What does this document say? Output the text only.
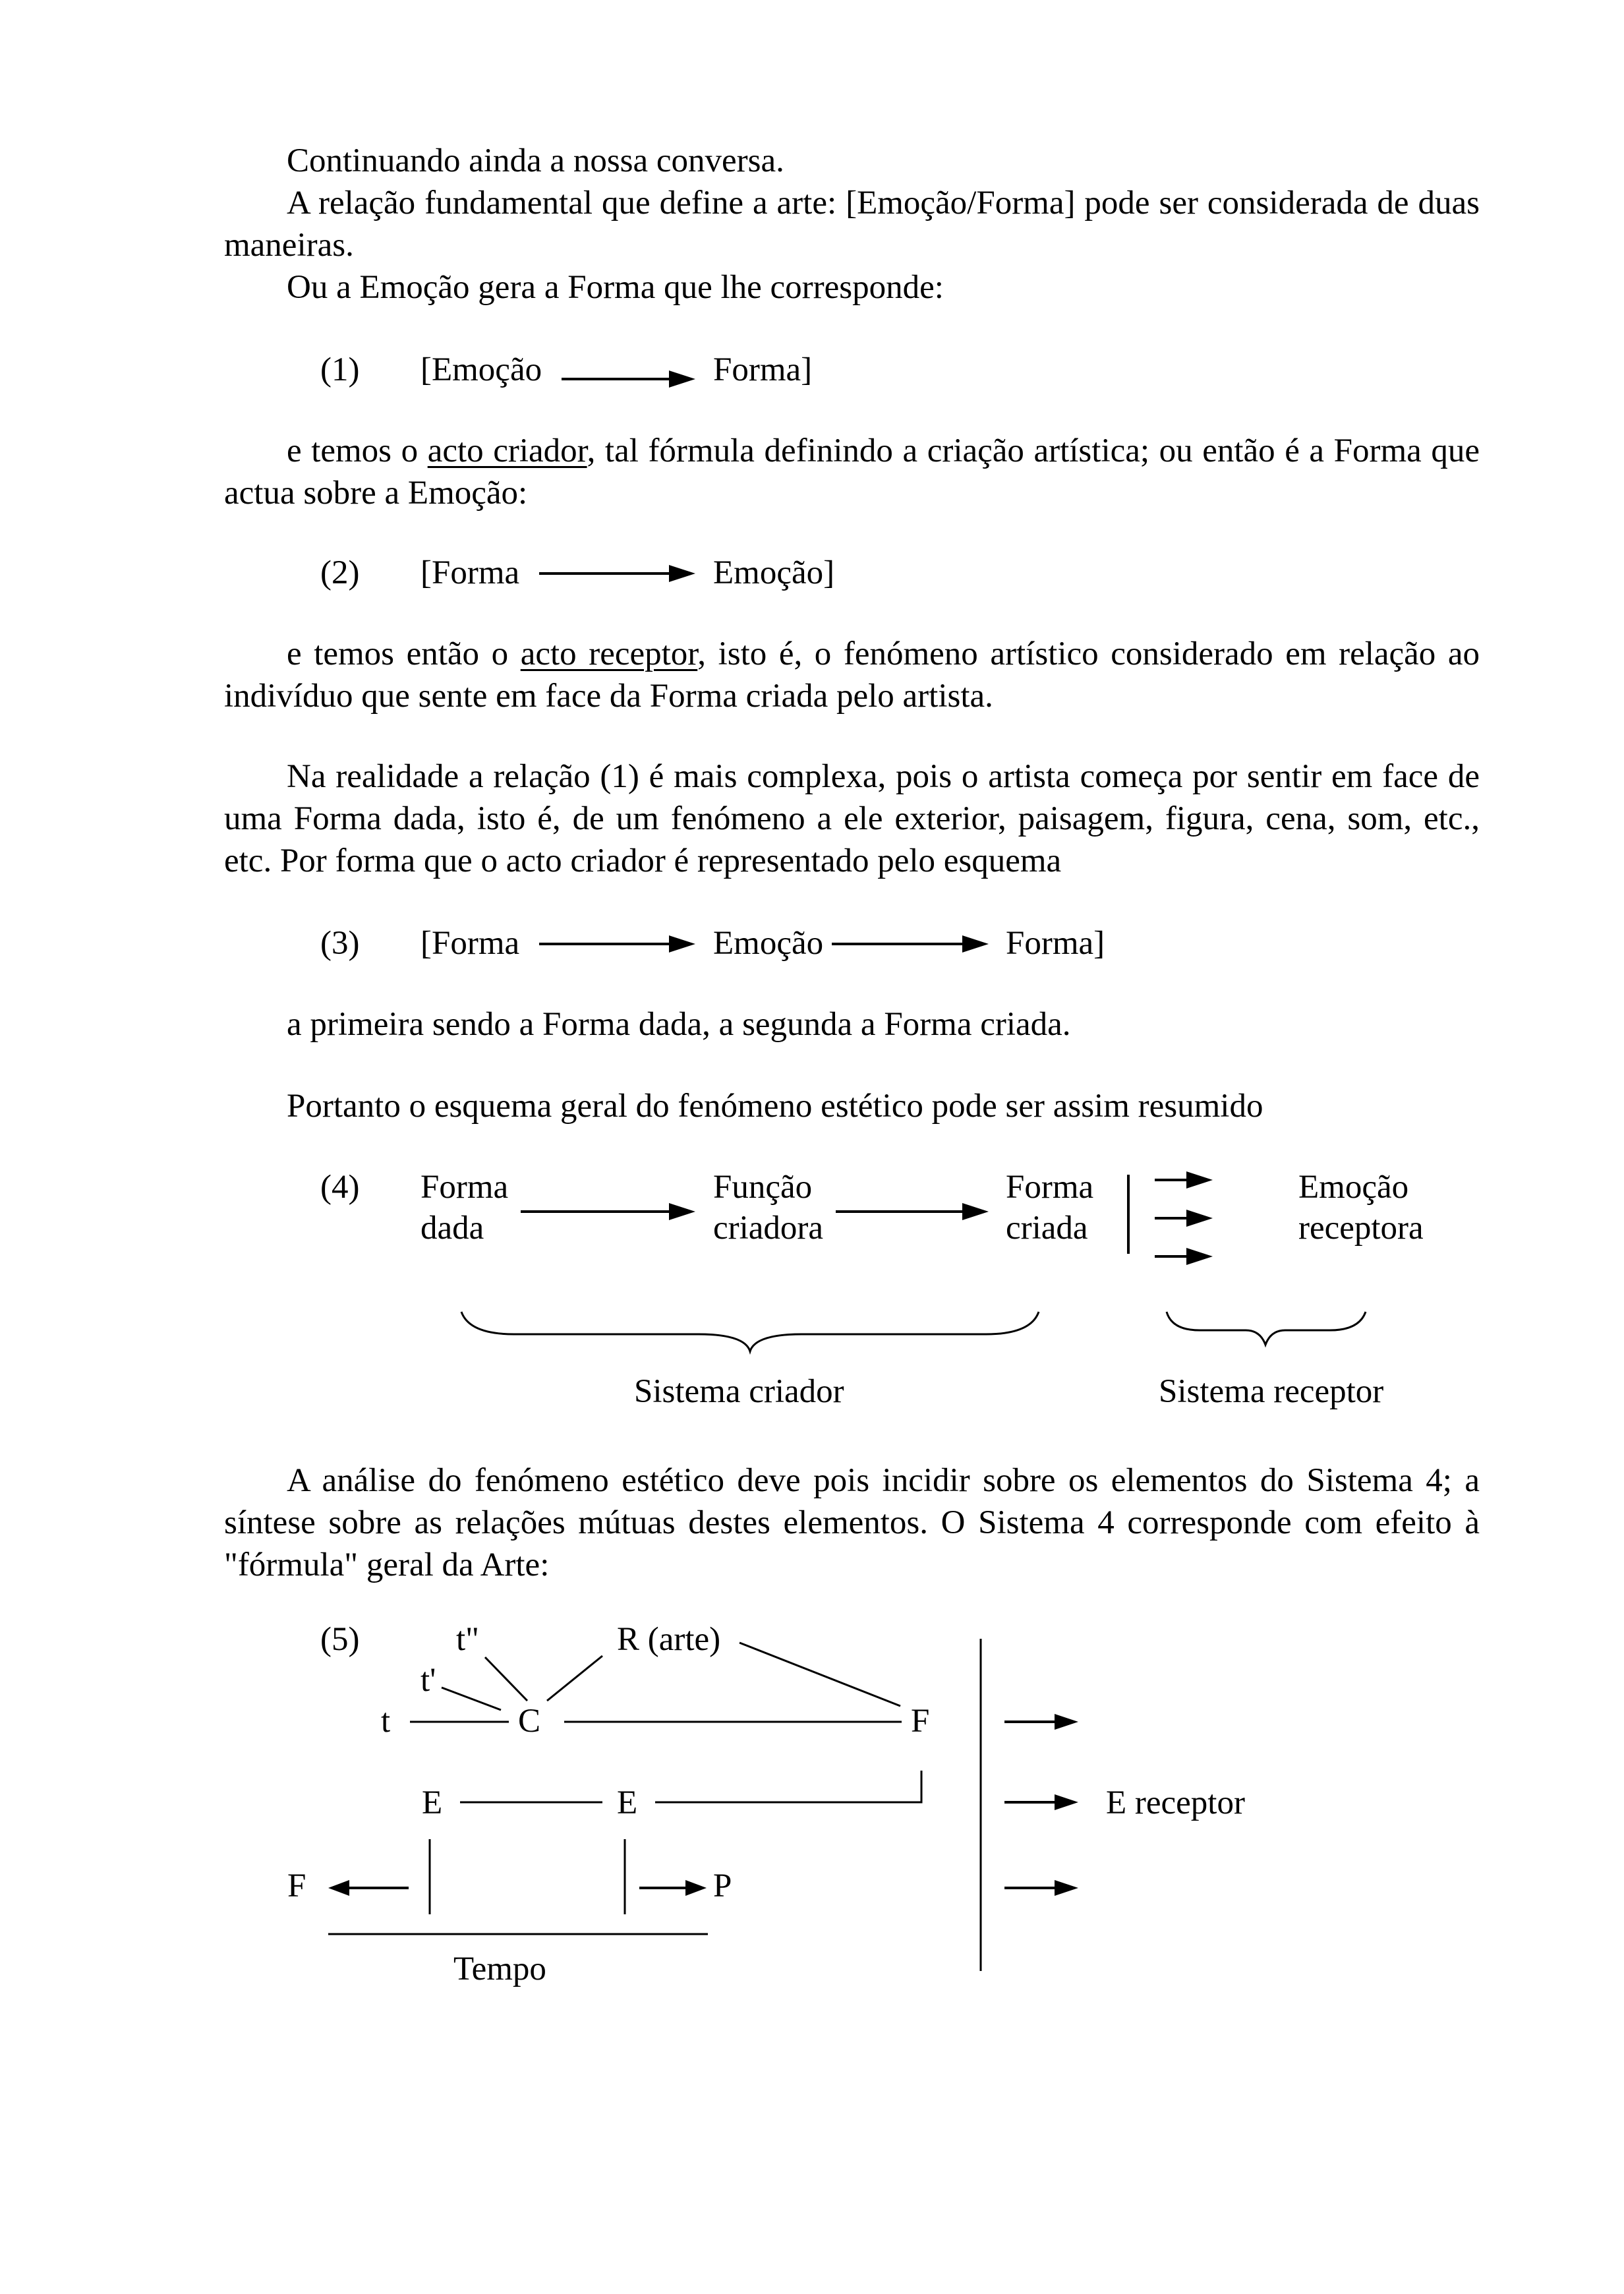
Continuando ainda a nossa conversa.

A relação fundamental que define a arte: [Emoção/Forma] pode ser considerada de duas maneiras.

Ou a Emoção gera a Forma que lhe corresponde:

(1) [Emoção	Forma]

e temos o acto criador, tal fórmula definindo a criação artística; ou então é a Forma que actua sobre a Emoção:

(2) [Forma	Emoção]

e temos então o acto receptor, isto é, o fenómeno artístico considerado em relação ao indivíduo que sente em face da Forma criada pelo artista.

Na realidade a relação (1) é mais complexa, pois o artista começa por sentir em face de uma Forma dada, isto é, de um fenómeno a ele exterior, paisagem, figura, cena, som, etc., etc. Por forma que o acto criador é representado pelo esquema

(3) [Forma	Emoção	Forma]

a primeira sendo a Forma dada, a segunda a Forma criada.

Portanto o esquema geral do fenómeno estético pode ser assim resumido

(4) Forma
dada
Função
criadora
Forma
criada
Emoção
receptora
Sistema criador	Sistema receptor

A análise do fenómeno estético deve pois incidir sobre os elementos do Sistema 4; a síntese sobre as relações mútuas destes elementos. O Sistema 4 corresponde com efeito à "fórmula" geral da Arte:

(5)	t"
t'
t	C
R (arte)
F
E	E
F	P
E receptor
Tempo
